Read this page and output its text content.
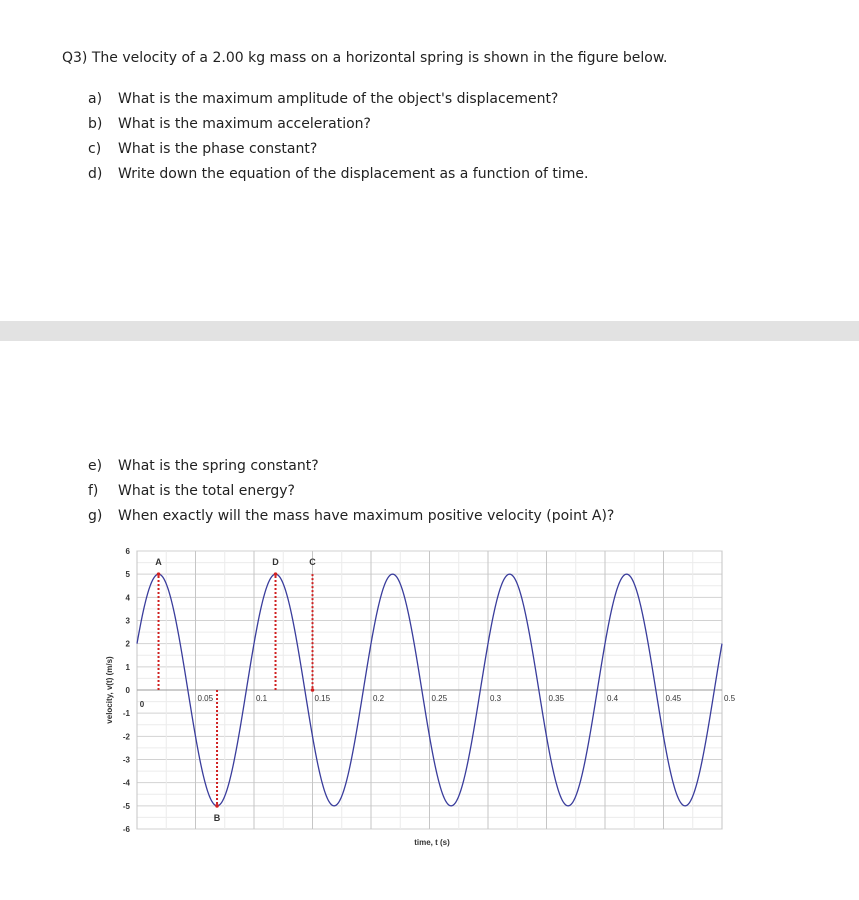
Q3) The velocity of a 2.00 kg mass on a horizontal spring is shown in the figure below.
a)	What is the maximum amplitude of the object's displacement?
b)	What is the maximum acceleration?
c)	What is the phase constant?
d)	Write down the equation of the displacement as a function of time.
e)	What is the spring constant?
f)	What is the total energy?
g)	When exactly will the mass have maximum positive velocity (point A)?
6
5
4
3
2
1
0
-1
-2
-3
-4
-5
-6
0
0.05	0.1	0.15	0.2	0.25	0.3	0.35	0.4	0.45	0.5
time, t (s)
velocity, v(t) (m/s)
A
B
C
D
